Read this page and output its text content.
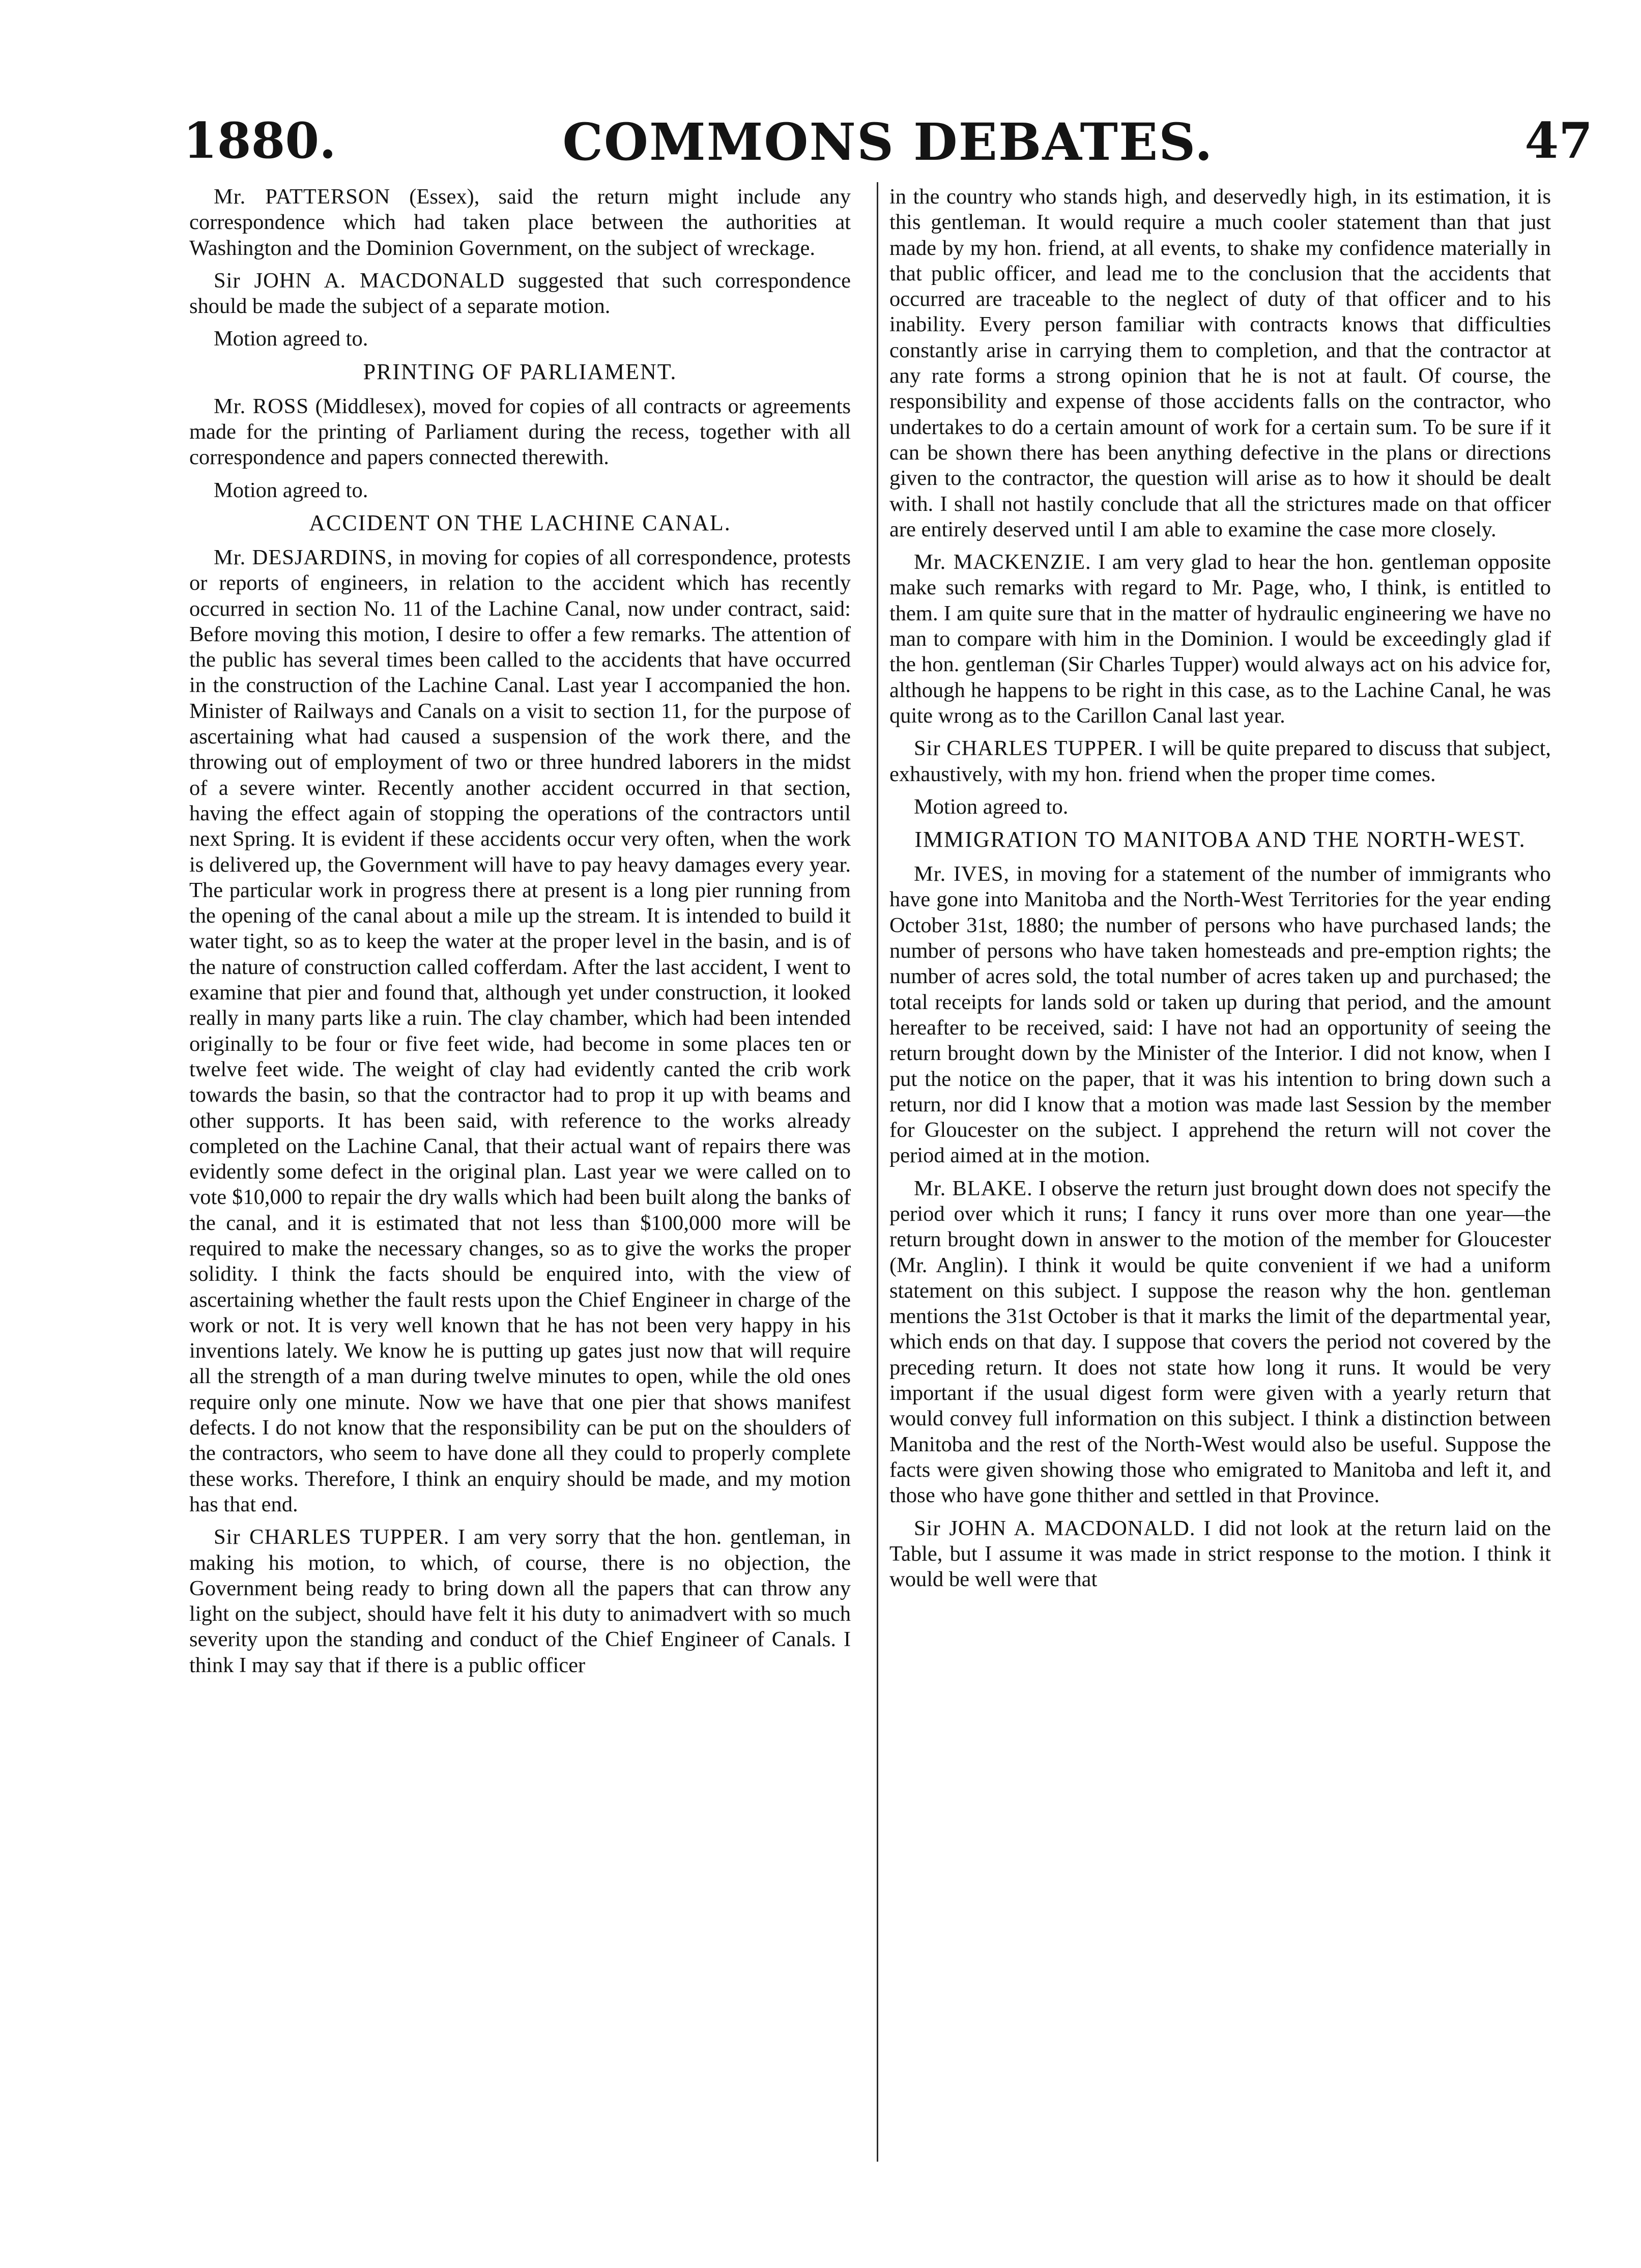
1880.	COMMONS DEBATES.	47

Mr. PATTERSON (Essex), said the return might include any correspondence which had taken place between the authorities at Washington and the Dominion Government, on the subject of wreckage.

Sir JOHN A. MACDONALD suggested that such correspondence should be made the subject of a separate motion.

Motion agreed to.

PRINTING OF PARLIAMENT.

Mr. ROSS (Middlesex), moved for copies of all contracts or agreements made for the printing of Parliament during the recess, together with all correspondence and papers connected therewith.

Motion agreed to.

ACCIDENT ON THE LACHINE CANAL.

Mr. DESJARDINS, in moving for copies of all correspondence, protests or reports of engineers, in relation to the accident which has recently occurred in section No. 11 of the Lachine Canal, now under contract, said: Before moving this motion, I desire to offer a few remarks. The attention of the public has several times been called to the accidents that have occurred in the construction of the Lachine Canal. Last year I accompanied the hon. Minister of Railways and Canals on a visit to section 11, for the purpose of ascertaining what had caused a suspension of the work there, and the throwing out of employment of two or three hundred laborers in the midst of a severe winter. Recently another accident occurred in that section, having the effect again of stopping the operations of the contractors until next Spring. It is evident if these accidents occur very often, when the work is delivered up, the Government will have to pay heavy damages every year. The particular work in progress there at present is a long pier running from the opening of the canal about a mile up the stream. It is intended to build it water tight, so as to keep the water at the proper level in the basin, and is of the nature of construction called cofferdam. After the last accident, I went to examine that pier and found that, although yet under construction, it looked really in many parts like a ruin. The clay chamber, which had been intended originally to be four or five feet wide, had become in some places ten or twelve feet wide. The weight of clay had evidently canted the crib work towards the basin, so that the contractor had to prop it up with beams and other supports. It has been said, with reference to the works already completed on the Lachine Canal, that their actual want of repairs there was evidently some defect in the original plan. Last year we were called on to vote $10,000 to repair the dry walls which had been built along the banks of the canal, and it is estimated that not less than $100,000 more will be required to make the necessary changes, so as to give the works the proper solidity. I think the facts should be enquired into, with the view of ascertaining whether the fault rests upon the Chief Engineer in charge of the work or not. It is very well known that he has not been very happy in his inventions lately. We know he is putting up gates just now that will require all the strength of a man during twelve minutes to open, while the old ones require only one minute. Now we have that one pier that shows manifest defects. I do not know that the responsibility can be put on the shoulders of the contractors, who seem to have done all they could to properly complete these works. Therefore, I think an enquiry should be made, and my motion has that end.

Sir CHARLES TUPPER. I am very sorry that the hon. gentleman, in making his motion, to which, of course, there is no objection, the Government being ready to bring down all the papers that can throw any light on the subject, should have felt it his duty to animadvert with so much severity upon the standing and conduct of the Chief Engineer of Canals. I think I may say that if there is a public officer

in the country who stands high, and deservedly high, in its estimation, it is this gentleman. It would require a much cooler statement than that just made by my hon. friend, at all events, to shake my confidence materially in that public officer, and lead me to the conclusion that the accidents that occurred are traceable to the neglect of duty of that officer and to his inability. Every person familiar with contracts knows that difficulties constantly arise in carrying them to completion, and that the contractor at any rate forms a strong opinion that he is not at fault. Of course, the responsibility and expense of those accidents falls on the contractor, who undertakes to do a certain amount of work for a certain sum. To be sure if it can be shown there has been anything defective in the plans or directions given to the contractor, the question will arise as to how it should be dealt with. I shall not hastily conclude that all the strictures made on that officer are entirely deserved until I am able to examine the case more closely.

Mr. MACKENZIE. I am very glad to hear the hon. gentleman opposite make such remarks with regard to Mr. Page, who, I think, is entitled to them. I am quite sure that in the matter of hydraulic engineering we have no man to compare with him in the Dominion. I would be exceedingly glad if the hon. gentleman (Sir Charles Tupper) would always act on his advice for, although he happens to be right in this case, as to the Lachine Canal, he was quite wrong as to the Carillon Canal last year.

Sir CHARLES TUPPER. I will be quite prepared to discuss that subject, exhaustively, with my hon. friend when the proper time comes.

Motion agreed to.

IMMIGRATION TO MANITOBA AND THE NORTH-WEST.

Mr. IVES, in moving for a statement of the number of immigrants who have gone into Manitoba and the North-West Territories for the year ending October 31st, 1880; the number of persons who have purchased lands; the number of persons who have taken homesteads and pre-emption rights; the number of acres sold, the total number of acres taken up and purchased; the total receipts for lands sold or taken up during that period, and the amount hereafter to be received, said: I have not had an opportunity of seeing the return brought down by the Minister of the Interior. I did not know, when I put the notice on the paper, that it was his intention to bring down such a return, nor did I know that a motion was made last Session by the member for Gloucester on the subject. I apprehend the return will not cover the period aimed at in the motion.

Mr. BLAKE. I observe the return just brought down does not specify the period over which it runs; I fancy it runs over more than one year—the return brought down in answer to the motion of the member for Gloucester (Mr. Anglin). I think it would be quite convenient if we had a uniform statement on this subject. I suppose the reason why the hon. gentleman mentions the 31st October is that it marks the limit of the departmental year, which ends on that day. I suppose that covers the period not covered by the preceding return. It does not state how long it runs. It would be very important if the usual digest form were given with a yearly return that would convey full information on this subject. I think a distinction between Manitoba and the rest of the North-West would also be useful. Suppose the facts were given showing those who emigrated to Manitoba and left it, and those who have gone thither and settled in that Province.

Sir JOHN A. MACDONALD. I did not look at the return laid on the Table, but I assume it was made in strict response to the motion. I think it would be well were that
